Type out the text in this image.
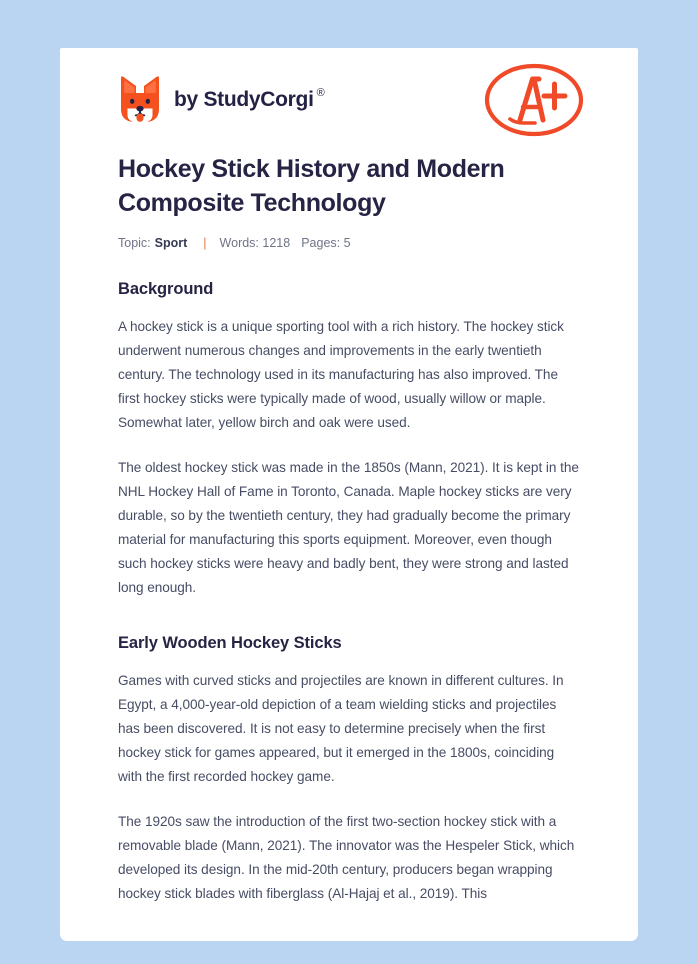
by StudyCorgi ®
Hockey Stick History and Modern Composite Technology
Topic: Sport | Words: 1218 Pages: 5
Background

A hockey stick is a unique sporting tool with a rich history. The hockey stick underwent numerous changes and improvements in the early twentieth century. The technology used in its manufacturing has also improved. The first hockey sticks were typically made of wood, usually willow or maple. Somewhat later, yellow birch and oak were used.

The oldest hockey stick was made in the 1850s (Mann, 2021). It is kept in the NHL Hockey Hall of Fame in Toronto, Canada. Maple hockey sticks are very durable, so by the twentieth century, they had gradually become the primary material for manufacturing this sports equipment. Moreover, even though such hockey sticks were heavy and badly bent, they were strong and lasted long enough.

Early Wooden Hockey Sticks

Games with curved sticks and projectiles are known in different cultures. In Egypt, a 4,000-year-old depiction of a team wielding sticks and projectiles has been discovered. It is not easy to determine precisely when the first hockey stick for games appeared, but it emerged in the 1800s, coinciding with the first recorded hockey game.

The 1920s saw the introduction of the first two-section hockey stick with a removable blade (Mann, 2021). The innovator was the Hespeler Stick, which developed its design. In the mid-20th century, producers began wrapping hockey stick blades with fiberglass (Al-Hajaj et al., 2019). This
